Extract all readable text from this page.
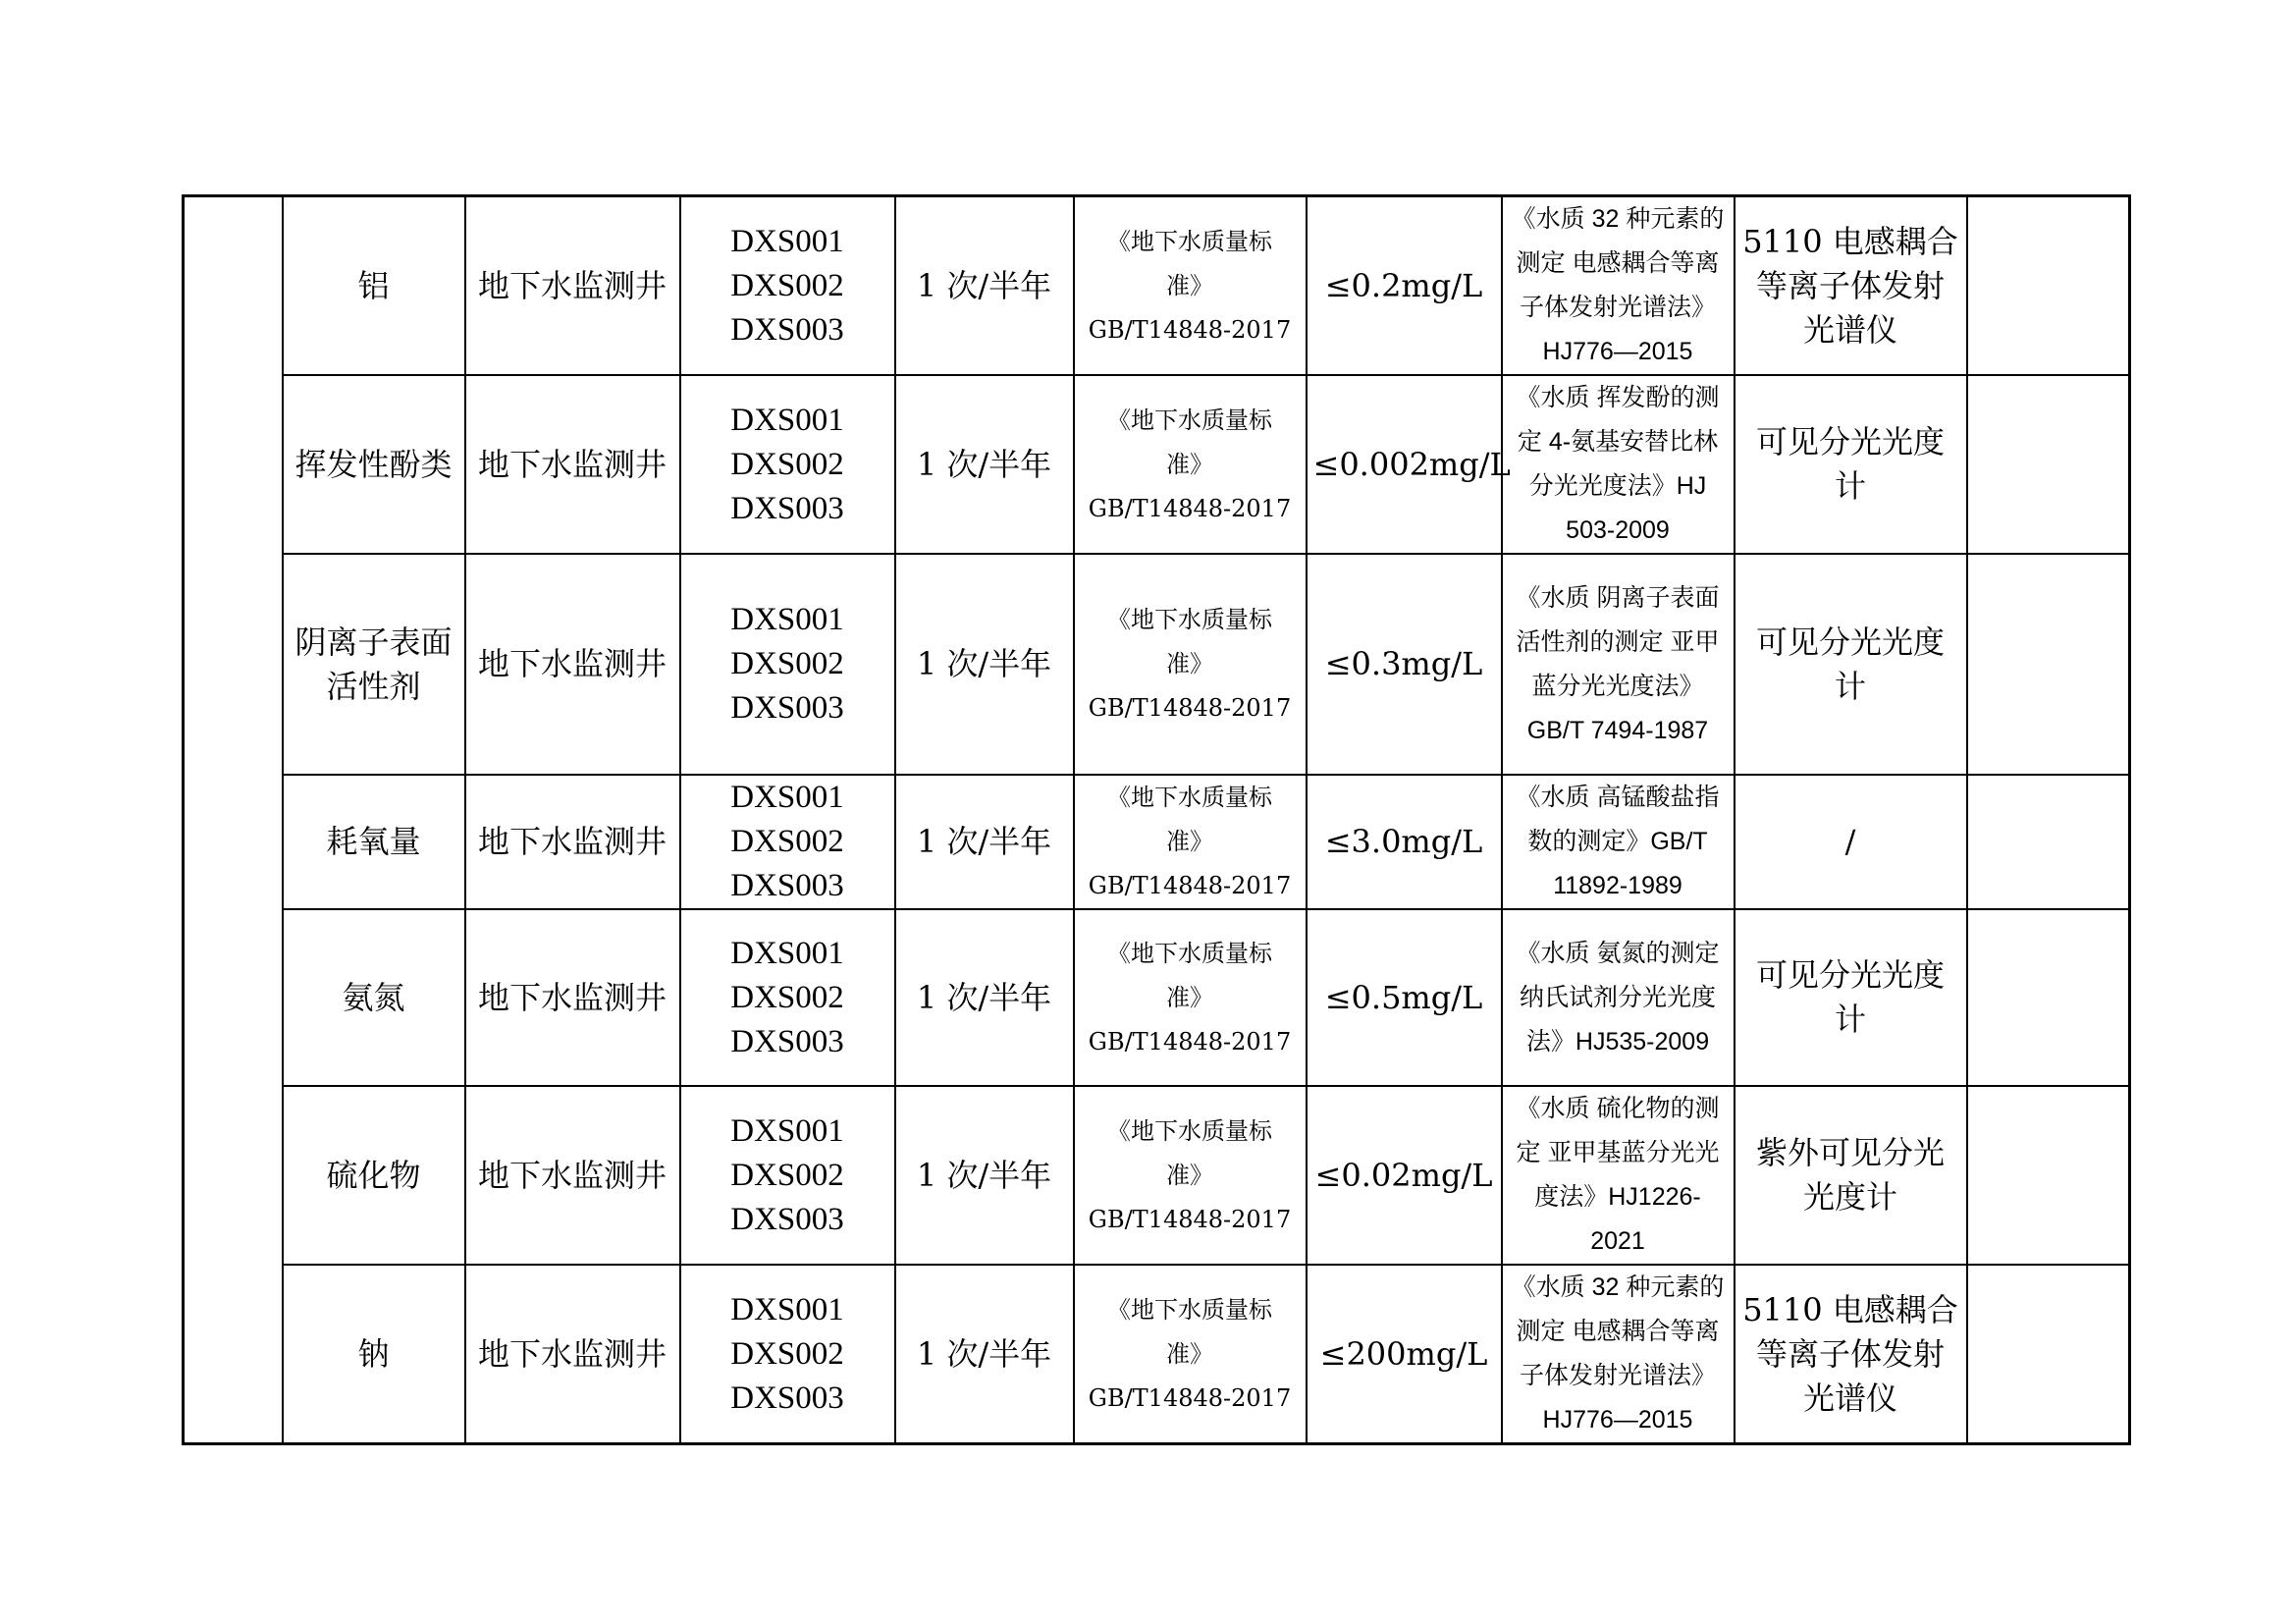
	铝	地下水监测井	DXS001
DXS002
DXS003	1 次/半年	《地下水质量标
准》
GB/T14848-2017	≤0.2mg/L	《水质 32 种元素的测定 电感耦合等离子体发射光谱法》HJ776—2015	5110 电感耦合等离子体发射光谱仪	
	挥发性酚类	地下水监测井	DXS001
DXS002
DXS003	1 次/半年	《地下水质量标
准》
GB/T14848-2017	≤0.002mg/L	《水质 挥发酚的测定 4-氨基安替比林分光光度法》HJ 503-2009	可见分光光度计	
	阴离子表面活性剂	地下水监测井	DXS001
DXS002
DXS003	1 次/半年	《地下水质量标
准》
GB/T14848-2017	≤0.3mg/L	《水质 阴离子表面活性剂的测定 亚甲蓝分光光度法》GB/T 7494-1987	可见分光光度计	
	耗氧量	地下水监测井	DXS001
DXS002
DXS003	1 次/半年	《地下水质量标
准》
GB/T14848-2017	≤3.0mg/L	《水质 高锰酸盐指数的测定》GB/T 11892-1989	/	
	氨氮	地下水监测井	DXS001
DXS002
DXS003	1 次/半年	《地下水质量标
准》
GB/T14848-2017	≤0.5mg/L	《水质 氨氮的测定 纳氏试剂分光光度法》HJ535-2009	可见分光光度计	
	硫化物	地下水监测井	DXS001
DXS002
DXS003	1 次/半年	《地下水质量标
准》
GB/T14848-2017	≤0.02mg/L	《水质 硫化物的测定 亚甲基蓝分光光度法》HJ1226-2021	紫外可见分光光度计	
	钠	地下水监测井	DXS001
DXS002
DXS003	1 次/半年	《地下水质量标
准》
GB/T14848-2017	≤200mg/L	《水质 32 种元素的测定 电感耦合等离子体发射光谱法》HJ776—2015	5110 电感耦合等离子体发射光谱仪	
